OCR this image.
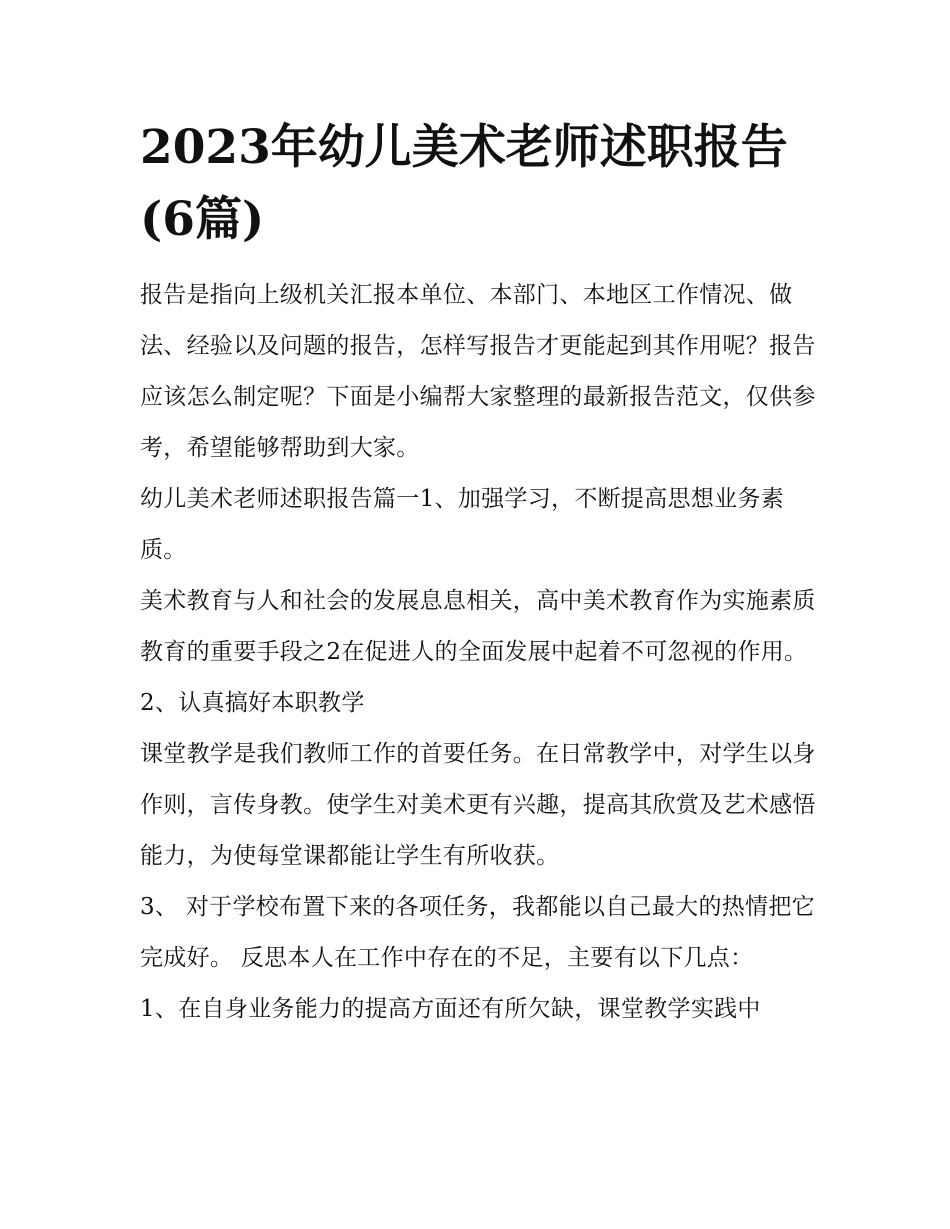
2023年幼儿美术老师述职报告(6篇)

报告是指向上级机关汇报本单位、本部门、本地区工作情况、做法、经验以及问题的报告，怎样写报告才更能起到其作用呢？报告应该怎么制定呢？下面是小编帮大家整理的最新报告范文，仅供参考，希望能够帮助到大家。

幼儿美术老师述职报告篇一1、加强学习，不断提高思想业务素质。

美术教育与人和社会的发展息息相关，高中美术教育作为实施素质教育的重要手段之2在促进人的全面发展中起着不可忽视的作用。 2、认真搞好本职教学

课堂教学是我们教师工作的首要任务。在日常教学中，对学生以身作则，言传身教。使学生对美术更有兴趣，提高其欣赏及艺术感悟能力，为使每堂课都能让学生有所收获。

3、 对于学校布置下来的各项任务，我都能以自己最大的热情把它完成好。 反思本人在工作中存在的不足，主要有以下几点：

1、在自身业务能力的提高方面还有所欠缺，课堂教学实践中
